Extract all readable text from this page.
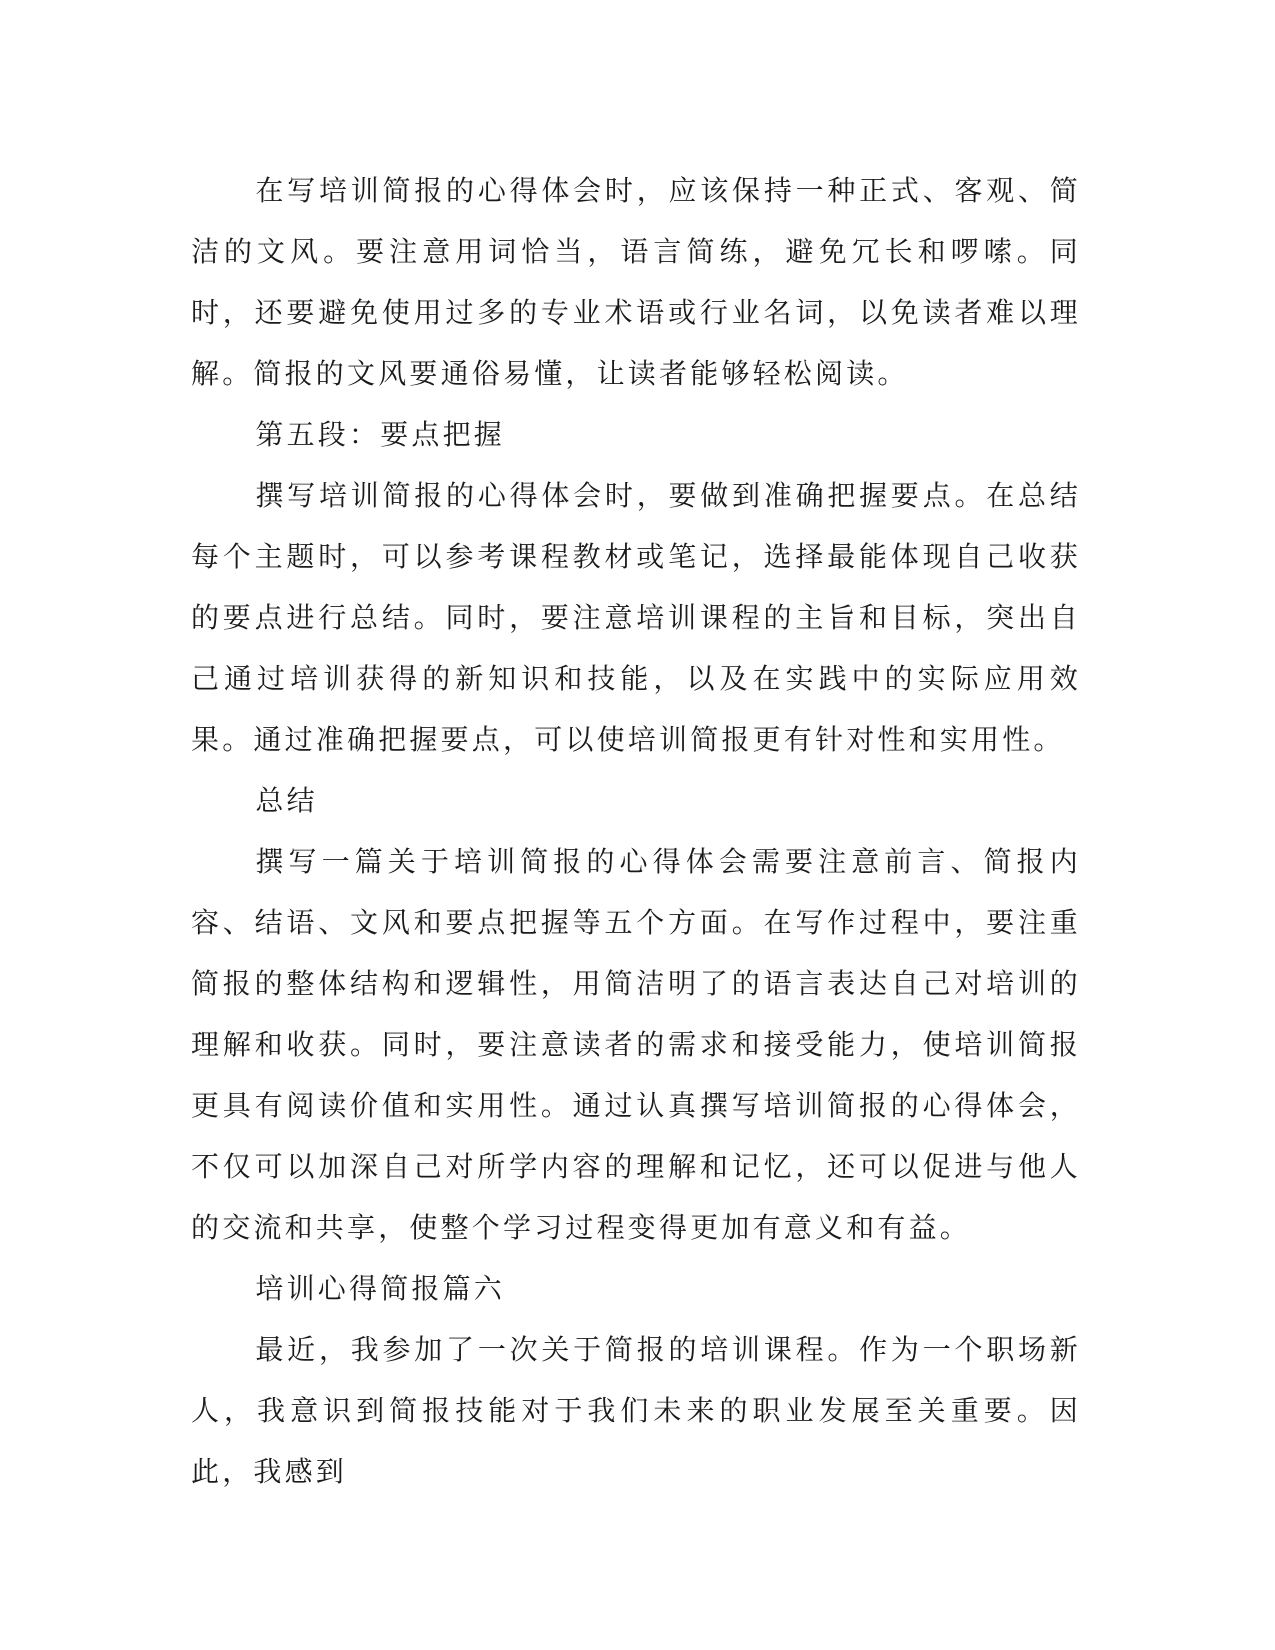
在写培训简报的心得体会时，应该保持一种正式、客观、简洁的文风。要注意用词恰当，语言简练，避免冗长和啰嗦。同时，还要避免使用过多的专业术语或行业名词，以免读者难以理解。简报的文风要通俗易懂，让读者能够轻松阅读。

第五段：要点把握

撰写培训简报的心得体会时，要做到准确把握要点。在总结每个主题时，可以参考课程教材或笔记，选择最能体现自己收获的要点进行总结。同时，要注意培训课程的主旨和目标，突出自己通过培训获得的新知识和技能，以及在实践中的实际应用效果。通过准确把握要点，可以使培训简报更有针对性和实用性。

总结

撰写一篇关于培训简报的心得体会需要注意前言、简报内容、结语、文风和要点把握等五个方面。在写作过程中，要注重简报的整体结构和逻辑性，用简洁明了的语言表达自己对培训的理解和收获。同时，要注意读者的需求和接受能力，使培训简报更具有阅读价值和实用性。通过认真撰写培训简报的心得体会，不仅可以加深自己对所学内容的理解和记忆，还可以促进与他人的交流和共享，使整个学习过程变得更加有意义和有益。

培训心得简报篇六

最近，我参加了一次关于简报的培训课程。作为一个职场新人，我意识到简报技能对于我们未来的职业发展至关重要。因此，我感到
